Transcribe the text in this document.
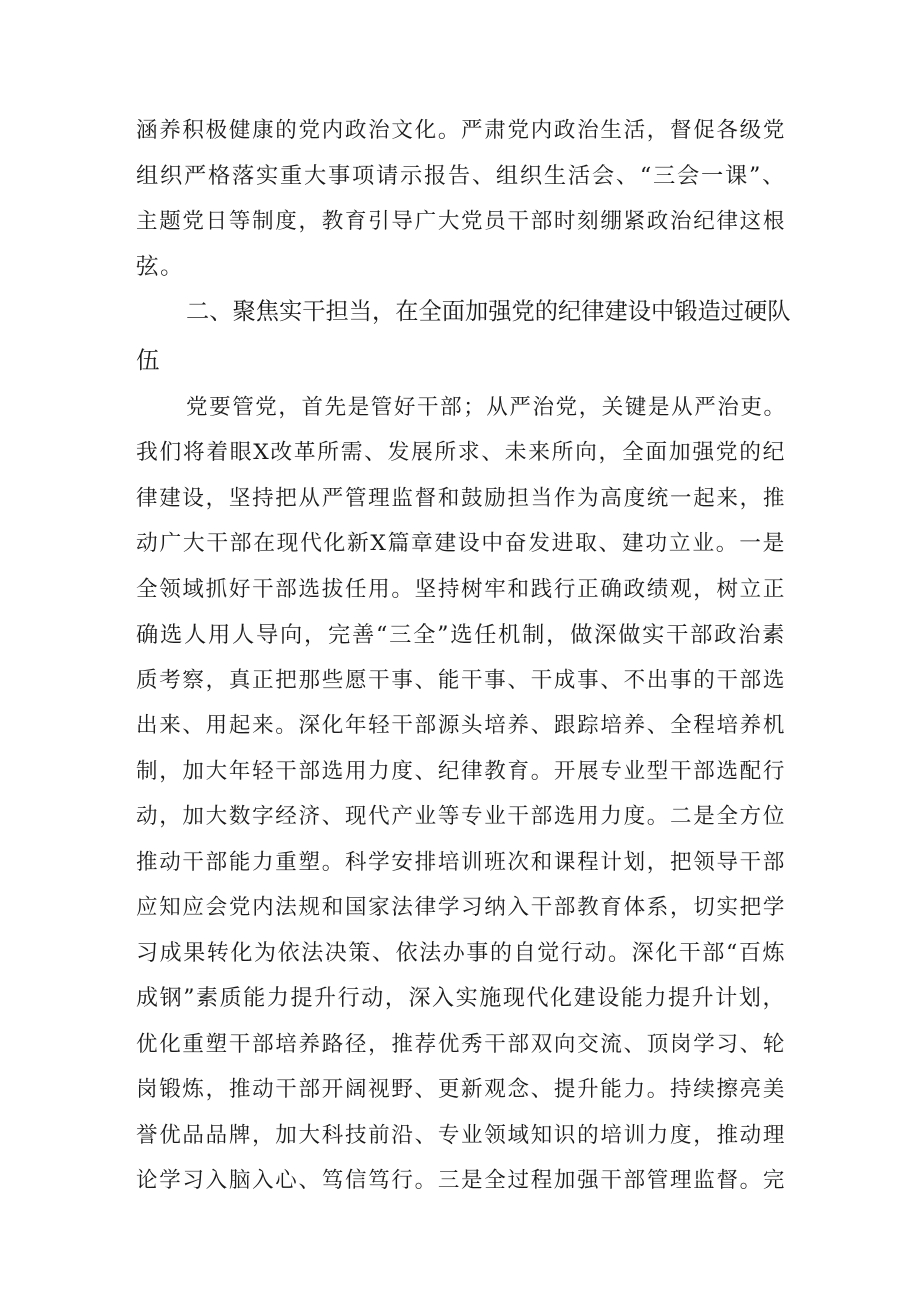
涵养积极健康的党内政治文化。严肃党内政治生活，督促各级党
组织严格落实重大事项请示报告、组织生活会、“三会一课”、
主题党日等制度，教育引导广大党员干部时刻绷紧政治纪律这根
弦。
二、聚焦实干担当，在全面加强党的纪律建设中锻造过硬队
伍
党要管党，首先是管好干部；从严治党，关键是从严治吏。
我们将着眼X改革所需、发展所求、未来所向，全面加强党的纪
律建设，坚持把从严管理监督和鼓励担当作为高度统一起来，推
动广大干部在现代化新X篇章建设中奋发进取、建功立业。一是
全领域抓好干部选拔任用。坚持树牢和践行正确政绩观，树立正
确选人用人导向，完善“三全”选任机制，做深做实干部政治素
质考察，真正把那些愿干事、能干事、干成事、不出事的干部选
出来、用起来。深化年轻干部源头培养、跟踪培养、全程培养机
制，加大年轻干部选用力度、纪律教育。开展专业型干部选配行
动，加大数字经济、现代产业等专业干部选用力度。二是全方位
推动干部能力重塑。科学安排培训班次和课程计划，把领导干部
应知应会党内法规和国家法律学习纳入干部教育体系，切实把学
习成果转化为依法决策、依法办事的自觉行动。深化干部“百炼
成钢”素质能力提升行动，深入实施现代化建设能力提升计划，
优化重塑干部培养路径，推荐优秀干部双向交流、顶岗学习、轮
岗锻炼，推动干部开阔视野、更新观念、提升能力。持续擦亮美
誉优品品牌，加大科技前沿、专业领域知识的培训力度，推动理
论学习入脑入心、笃信笃行。三是全过程加强干部管理监督。完
